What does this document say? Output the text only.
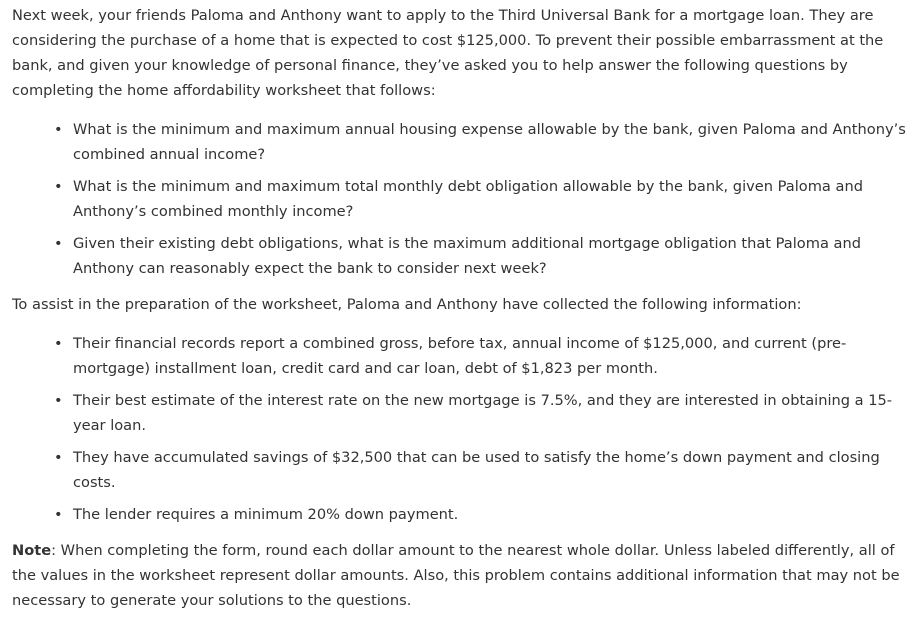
Next week, your friends Paloma and Anthony want to apply to the Third Universal Bank for a mortgage loan. They are considering the purchase of a home that is expected to cost $125,000. To prevent their possible embarrassment at the bank, and given your knowledge of personal finance, they’ve asked you to help answer the following questions by completing the home affordability worksheet that follows:

• What is the minimum and maximum annual housing expense allowable by the bank, given Paloma and Anthony’s combined annual income?
• What is the minimum and maximum total monthly debt obligation allowable by the bank, given Paloma and Anthony’s combined monthly income?
• Given their existing debt obligations, what is the maximum additional mortgage obligation that Paloma and Anthony can reasonably expect the bank to consider next week?

To assist in the preparation of the worksheet, Paloma and Anthony have collected the following information:

• Their financial records report a combined gross, before tax, annual income of $125,000, and current (pre-mortgage) installment loan, credit card and car loan, debt of $1,823 per month.
• Their best estimate of the interest rate on the new mortgage is 7.5%, and they are interested in obtaining a 15-year loan.
• They have accumulated savings of $32,500 that can be used to satisfy the home’s down payment and closing costs.
• The lender requires a minimum 20% down payment.

Note: When completing the form, round each dollar amount to the nearest whole dollar. Unless labeled differently, all of the values in the worksheet represent dollar amounts. Also, this problem contains additional information that may not be necessary to generate your solutions to the questions.
